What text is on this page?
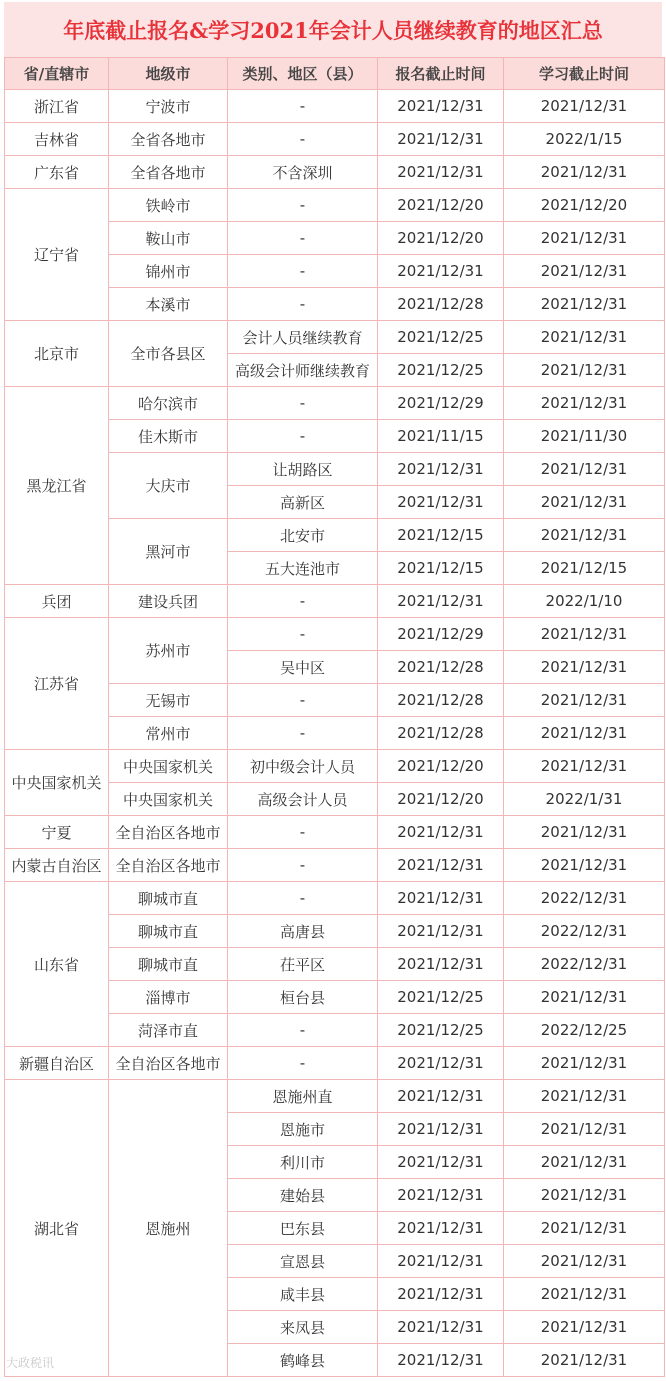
年底截止报名&学习2021年会计人员继续教育的地区汇总
省/直辖市	地级市	类别、地区（县）	报名截止时间	学习截止时间
浙江省	宁波市	-	2021/12/31	2021/12/31
吉林省	全省各地市	-	2021/12/31	2022/1/15
广东省	全省各地市	不含深圳	2021/12/31	2021/12/31
辽宁省	铁岭市	-	2021/12/20	2021/12/20
	鞍山市	-	2021/12/20	2021/12/31
	锦州市	-	2021/12/31	2021/12/31
	本溪市	-	2021/12/28	2021/12/31
北京市	全市各县区	会计人员继续教育	2021/12/25	2021/12/31
		高级会计师继续教育	2021/12/25	2021/12/31
黑龙江省	哈尔滨市	-	2021/12/29	2021/12/31
	佳木斯市	-	2021/11/15	2021/11/30
	大庆市	让胡路区	2021/12/31	2021/12/31
		高新区	2021/12/31	2021/12/31
	黑河市	北安市	2021/12/15	2021/12/31
		五大连池市	2021/12/15	2021/12/15
兵团	建设兵团	-	2021/12/31	2022/1/10
江苏省	苏州市	-	2021/12/29	2021/12/31
		吴中区	2021/12/28	2021/12/31
	无锡市	-	2021/12/28	2021/12/31
	常州市	-	2021/12/28	2021/12/31
中央国家机关	中央国家机关	初中级会计人员	2021/12/20	2021/12/31
	中央国家机关	高级会计人员	2021/12/20	2022/1/31
宁夏	全自治区各地市	-	2021/12/31	2021/12/31
内蒙古自治区	全自治区各地市	-	2021/12/31	2021/12/31
山东省	聊城市直	-	2021/12/31	2022/12/31
	聊城市直	高唐县	2021/12/31	2022/12/31
	聊城市直	茌平区	2021/12/31	2022/12/31
	淄博市	桓台县	2021/12/25	2021/12/31
	菏泽市直	-	2021/12/25	2022/12/25
新疆自治区	全自治区各地市	-	2021/12/31	2021/12/31
湖北省	恩施州	恩施州直	2021/12/31	2021/12/31
		恩施市	2021/12/31	2021/12/31
		利川市	2021/12/31	2021/12/31
		建始县	2021/12/31	2021/12/31
		巴东县	2021/12/31	2021/12/31
		宣恩县	2021/12/31	2021/12/31
		咸丰县	2021/12/31	2021/12/31
		来凤县	2021/12/31	2021/12/31
		鹤峰县	2021/12/31	2021/12/31
大政税讯
